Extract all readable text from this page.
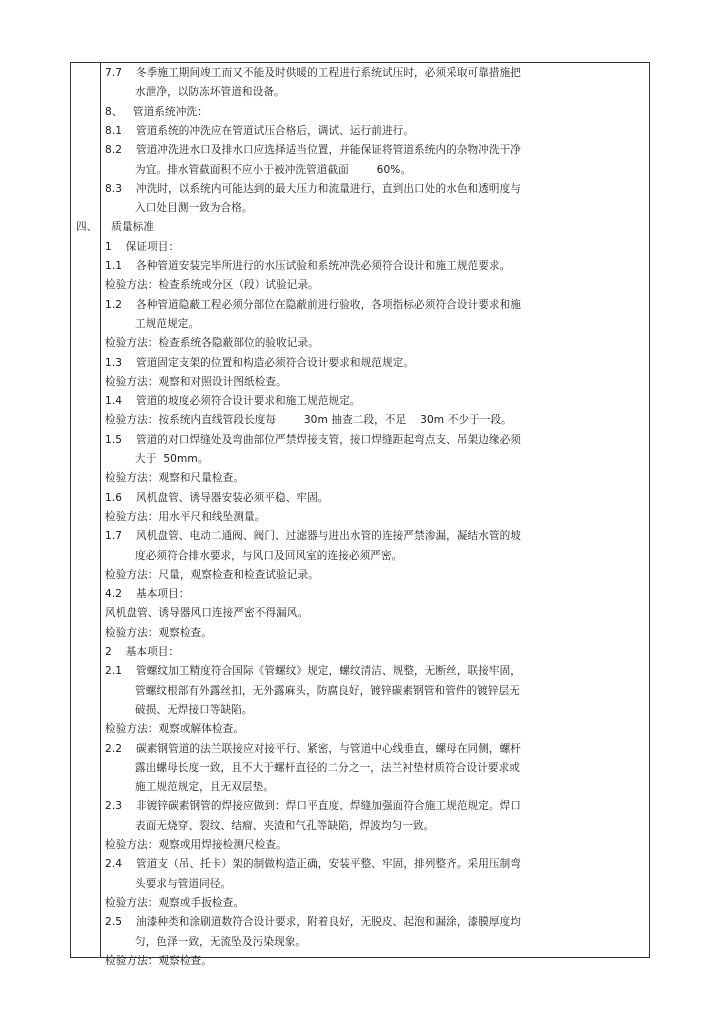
7.7    冬季施工期间竣工而又不能及时供暖的工程进行系统试压时，必须采取可靠措施把
水泄净，以防冻坏管道和设备。
8、   管道系统冲洗：
8.1    管道系统的冲洗应在管道试压合格后，调试、运行前进行。
8.2    管道冲洗进水口及排水口应选择适当位置，并能保证将管道系统内的杂物冲洗干净
为宜。排水管截面积不应小于被冲洗管道截面        60%。
8.3    冲洗时，以系统内可能达到的最大压力和流量进行，直到出口处的水色和透明度与
入口处目测一致为合格。
四、    质量标准
1    保证项目：
1.1    各种管道安装完毕所进行的水压试验和系统冲洗必须符合设计和施工规范要求。
检验方法：检查系统或分区（段）试验记录。
1.2    各种管道隐蔽工程必须分部位在隐蔽前进行验收，各项指标必须符合设计要求和施
工规范规定。
检验方法：检查系统各隐蔽部位的验收记录。
1.3    管道固定支架的位置和构造必须符合设计要求和规范规定。
检验方法：观察和对照设计图纸检查。
1.4    管道的坡度必须符合设计要求和施工规范规定。
检验方法：按系统内直线管段长度每        30m 抽查二段，不足    30m 不少于一段。
1.5    管道的对口焊缝处及弯曲部位严禁焊接支管，接口焊缝距起弯点支、吊架边缘必须
大于  50mm。
检验方法：观察和尺量检查。
1.6    风机盘管、诱导器安装必须平稳、牢固。
检验方法：用水平尺和线坠测量。
1.7    风机盘管、电动二通阀、阀门、过滤器与进出水管的连接严禁渗漏，凝结水管的坡
度必须符合排水要求，与风口及回风室的连接必须严密。
检验方法：尺量，观察检查和检查试验记录。
4.2    基本项目：
风机盘管、诱导器风口连接严密不得漏风。
检验方法：观察检查。
2    基本项目：
2.1    管螺纹加工精度符合国际《管螺纹》规定，螺纹清洁、规整，无断丝，联接牢固，
管螺纹根部有外露丝扣，无外露麻头，防腐良好，镀锌碳素钢管和管件的镀锌层无
破损、无焊接口等缺陷。
检验方法：观察或解体检查。
2.2    碳素钢管道的法兰联接应对接平行、紧密，与管道中心线垂直，螺母在同侧，螺杆
露出螺母长度一致，且不大于螺杆直径的二分之一，法兰衬垫材质符合设计要求或
施工规范规定，且无双层垫。
2.3    非镀锌碳素钢管的焊接应做到：焊口平直度、焊缝加强面符合施工规范规定。焊口
表面无烧穿、裂纹、结瘤、夹渣和气孔等缺陷，焊波均匀一致。
检验方法：观察或用焊接检测尺检查。
2.4    管道支（吊、托卡）架的制做构造正确，安装平整、牢固，排列整齐。采用压制弯
头要求与管道同径。
检验方法：观察或手扳检查。
2.5    油漆种类和涂刷道数符合设计要求，附着良好，无脱皮、起泡和漏涂，漆膜厚度均
匀，色泽一致，无流坠及污染现象。
检验方法：观察检查。
